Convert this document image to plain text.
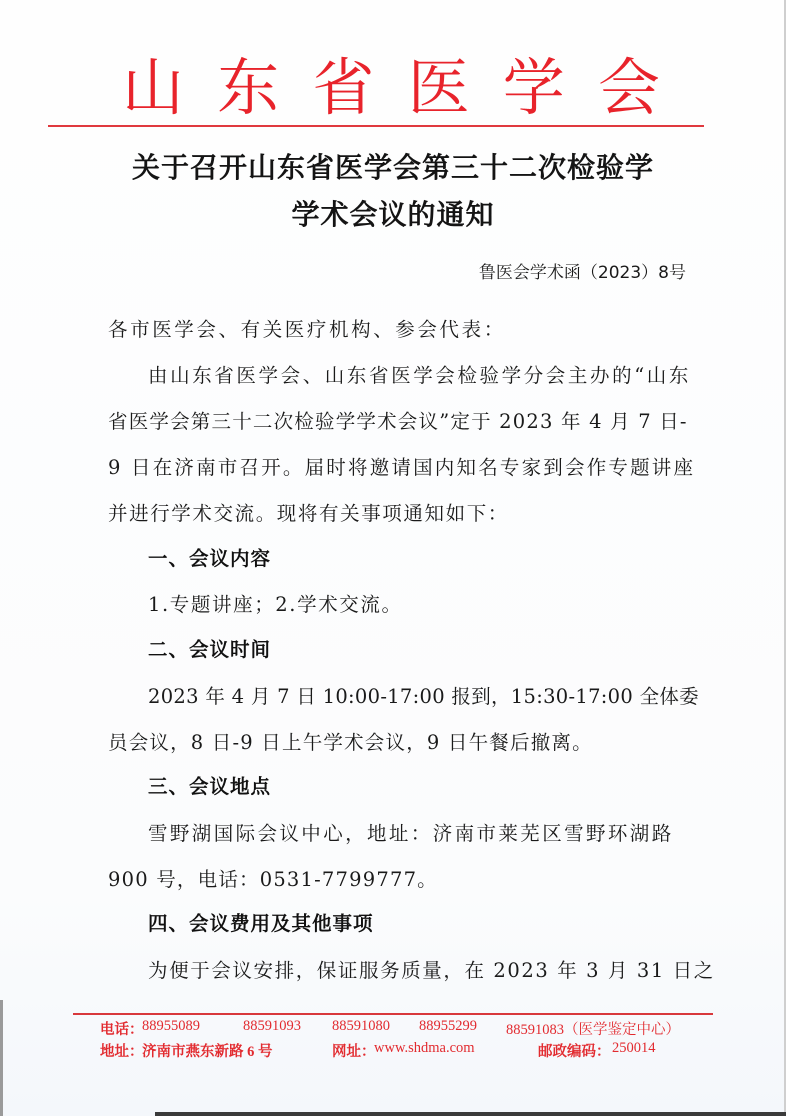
山 东 省 医 学 会
关于召开山东省医学会第三十二次检验学
学术会议的通知
鲁医会学术函（2023）8号
各市医学会、有关医疗机构、参会代表：
由山东省医学会、山东省医学会检验学分会主办的“山东
省医学会第三十二次检验学学术会议”定于 2023 年 4 月 7 日-
9 日在济南市召开。届时将邀请国内知名专家到会作专题讲座
并进行学术交流。现将有关事项通知如下：
一、会议内容
1.专题讲座；2.学术交流。
二、会议时间
2023 年 4 月 7 日 10:00-17:00 报到，15:30-17:00 全体委
员会议，8 日-9 日上午学术会议，9 日午餐后撤离。
三、会议地点
雪野湖国际会议中心，地址：济南市莱芜区雪野环湖路
900 号，电话：0531-7799777。
四、会议费用及其他事项
为便于会议安排，保证服务质量，在 2023 年 3 月 31 日之
电话：
88955089	88591093 88591080 88955299 88591083（医学鉴定中心）
地址：
济南市燕东新路 6 号	网址：
www.shdma.com	邮政编码： 250014
